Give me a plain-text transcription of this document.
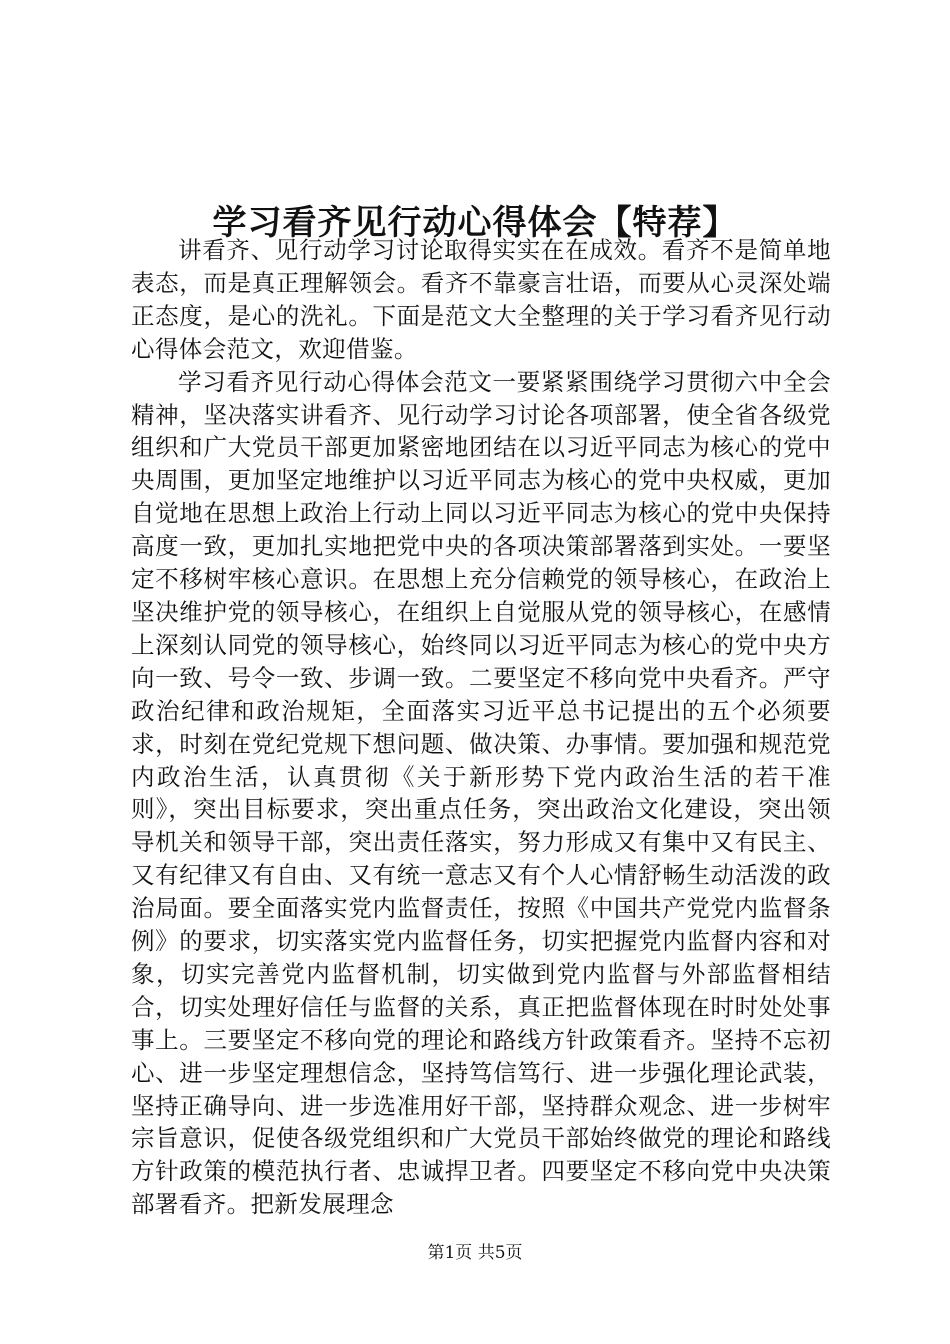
学习看齐见行动心得体会【特荐】

讲看齐、见行动学习讨论取得实实在在成效。看齐不是简单地表态，而是真正理解领会。看齐不靠豪言壮语，而要从心灵深处端正态度，是心的洗礼。下面是范文大全整理的关于学习看齐见行动心得体会范文，欢迎借鉴。

学习看齐见行动心得体会范文一要紧紧围绕学习贯彻六中全会精神，坚决落实讲看齐、见行动学习讨论各项部署，使全省各级党组织和广大党员干部更加紧密地团结在以习近平同志为核心的党中央周围，更加坚定地维护以习近平同志为核心的党中央权威，更加自觉地在思想上政治上行动上同以习近平同志为核心的党中央保持高度一致，更加扎实地把党中央的各项决策部署落到实处。一要坚定不移树牢核心意识。在思想上充分信赖党的领导核心，在政治上坚决维护党的领导核心，在组织上自觉服从党的领导核心，在感情上深刻认同党的领导核心，始终同以习近平同志为核心的党中央方向一致、号令一致、步调一致。二要坚定不移向党中央看齐。严守政治纪律和政治规矩，全面落实习近平总书记提出的五个必须要求，时刻在党纪党规下想问题、做决策、办事情。要加强和规范党内政治生活，认真贯彻《关于新形势下党内政治生活的若干准则》，突出目标要求，突出重点任务，突出政治文化建设，突出领导机关和领导干部，突出责任落实，努力形成又有集中又有民主、又有纪律又有自由、又有统一意志又有个人心情舒畅生动活泼的政治局面。要全面落实党内监督责任，按照《中国共产党党内监督条例》的要求，切实落实党内监督任务，切实把握党内监督内容和对象，切实完善党内监督机制，切实做到党内监督与外部监督相结合，切实处理好信任与监督的关系，真正把监督体现在时时处处事事上。三要坚定不移向党的理论和路线方针政策看齐。坚持不忘初心、进一步坚定理想信念，坚持笃信笃行、进一步强化理论武装，坚持正确导向、进一步选准用好干部，坚持群众观念、进一步树牢宗旨意识，促使各级党组织和广大党员干部始终做党的理论和路线方针政策的模范执行者、忠诚捍卫者。四要坚定不移向党中央决策部署看齐。把新发展理念

第1页 共5页
